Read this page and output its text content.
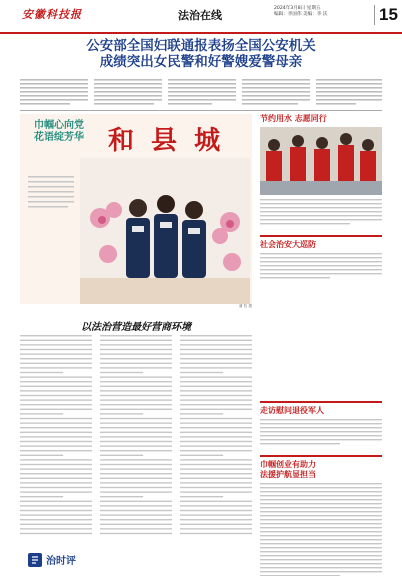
安徽科技报	法治在线
2024年3月8日 星期五
编辑：李国伟 美编：李 沃	15
公安部全国妇联通报表扬全国公安机关
成绩突出女民警和好警嫂爱警母亲
巾帼心向党
花语绽芳华 和 县 城
蒲 钰 摄
节约用水 志愿同行
社会治安大巡防
走访慰问退役军人
巾帼创业有助力
法援护航显担当
以法治营造最好营商环境
治时评
